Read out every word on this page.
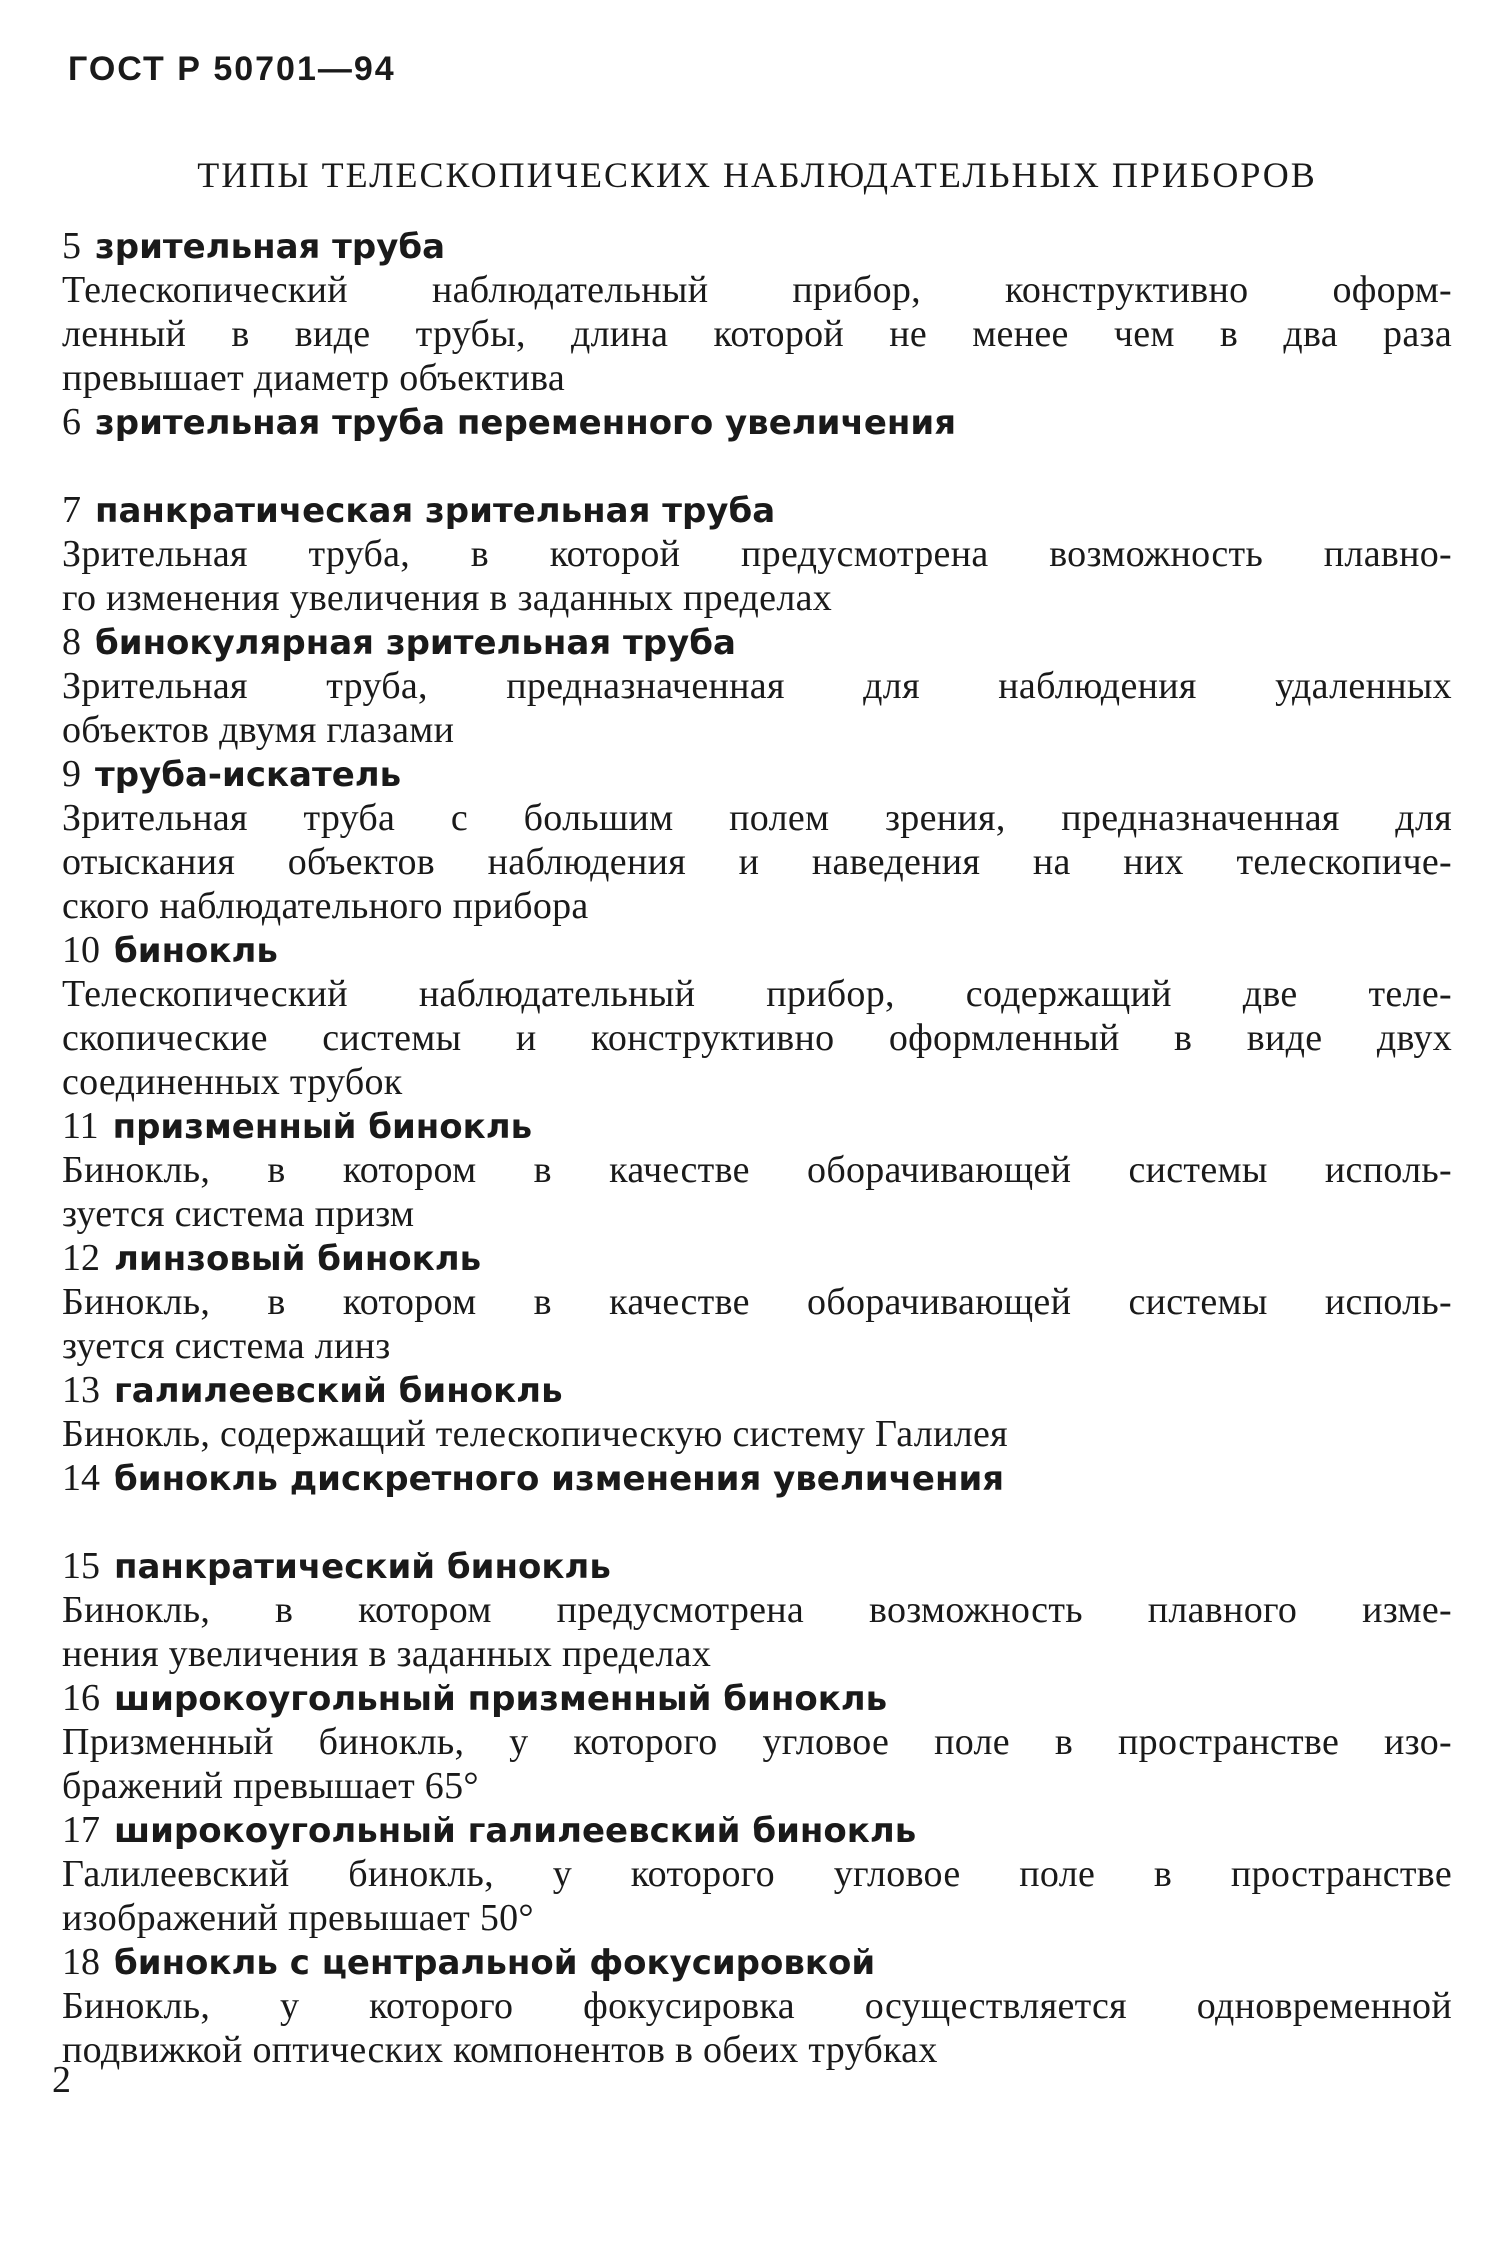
ГОСТ Р 50701—94
ТИПЫ ТЕЛЕСКОПИЧЕСКИХ НАБЛЮДАТЕЛЬНЫХ ПРИБОРОВ
5 зрительная труба
Телескопический наблюдательный прибор, конструктивно оформ-
ленный в виде трубы, длина которой не менее чем в два раза
превышает диаметр объектива
6 зрительная труба переменного увеличения
7 панкратическая зрительная труба
Зрительная труба, в которой предусмотрена возможность плавно-
го изменения увеличения в заданных пределах
8 бинокулярная зрительная труба
Зрительная труба, предназначенная для наблюдения удаленных
объектов двумя глазами
9 труба-искатель
Зрительная труба с большим полем зрения, предназначенная для
отыскания объектов наблюдения и наведения на них телескопиче-
ского наблюдательного прибора
10 бинокль
Телескопический наблюдательный прибор, содержащий две теле-
скопические системы и конструктивно оформленный в виде двух
соединенных трубок
11 призменный бинокль
Бинокль, в котором в качестве оборачивающей системы исполь-
зуется система призм
12 линзовый бинокль
Бинокль, в котором в качестве оборачивающей системы исполь-
зуется система линз
13 галилеевский бинокль
Бинокль, содержащий телескопическую систему Галилея
14 бинокль дискретного изменения увеличения
15 панкратический бинокль
Бинокль, в котором предусмотрена возможность плавного изме-
нения увеличения в заданных пределах
16 широкоугольный призменный бинокль
Призменный бинокль, у которого угловое поле в пространстве изо-
бражений превышает 65°
17 широкоугольный галилеевский бинокль
Галилеевский бинокль, у которого угловое поле в пространстве
изображений превышает 50°
18 бинокль с центральной фокусировкой
Бинокль, у которого фокусировка осуществляется одновременной
подвижкой оптических компонентов в обеих трубках
2
